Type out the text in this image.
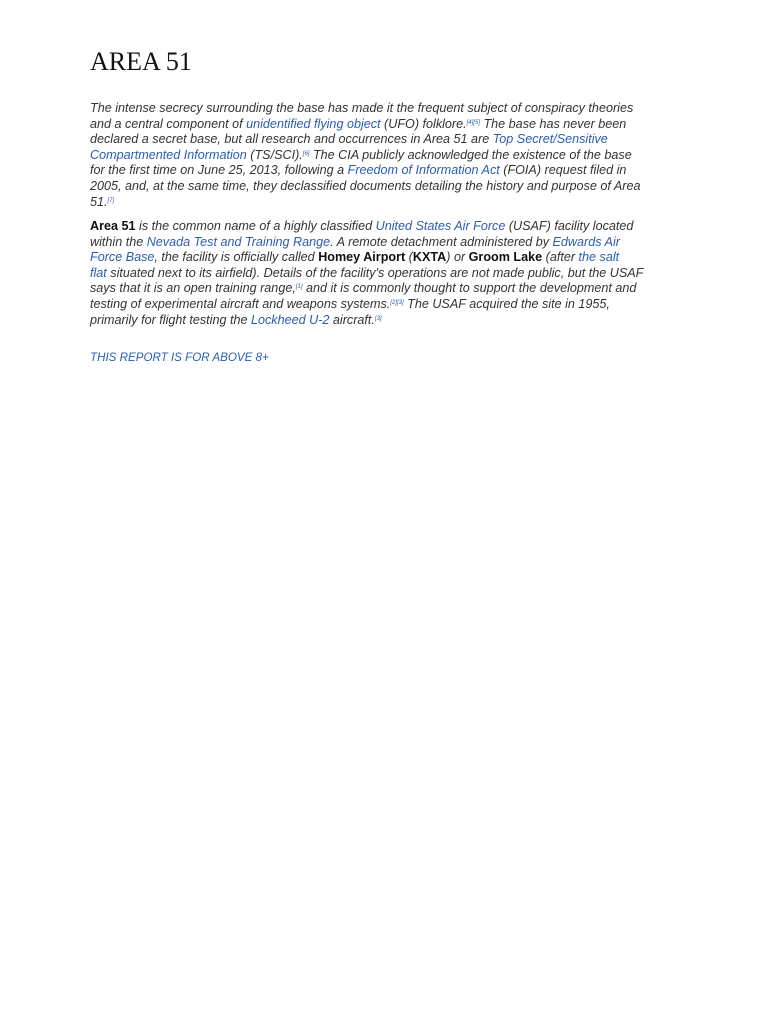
AREA 51

The intense secrecy surrounding the base has made it the frequent subject of conspiracy theories
and a central component of unidentified flying object (UFO) folklore.[4][5] The base has never been
declared a secret base, but all research and occurrences in Area 51 are Top Secret/Sensitive
Compartmented Information (TS/SCI).[6] The CIA publicly acknowledged the existence of the base
for the first time on June 25, 2013, following a Freedom of Information Act (FOIA) request filed in
2005, and, at the same time, they declassified documents detailing the history and purpose of Area
51.[7]

Area 51 is the common name of a highly classified United States Air Force (USAF) facility located
within the Nevada Test and Training Range. A remote detachment administered by Edwards Air
Force Base, the facility is officially called Homey Airport (KXTA) or Groom Lake (after the salt
flat situated next to its airfield). Details of the facility's operations are not made public, but the USAF
says that it is an open training range,[1] and it is commonly thought to support the development and
testing of experimental aircraft and weapons systems.[2][3] The USAF acquired the site in 1955,
primarily for flight testing the Lockheed U-2 aircraft.[3]

THIS REPORT IS FOR ABOVE 8+
